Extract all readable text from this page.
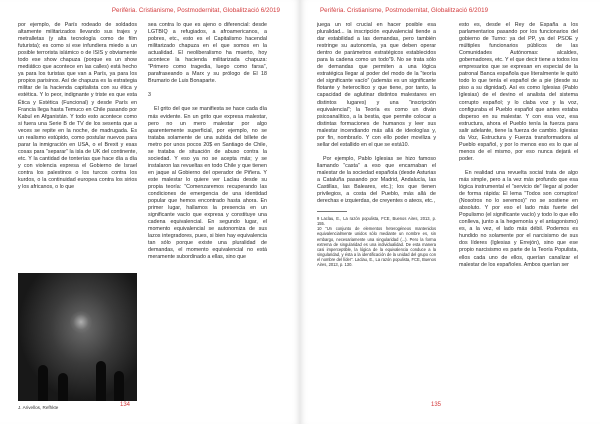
Perifèria. Cristianisme, Postmodernitat, Globalització 6/2019

por ejemplo, de París rodeado de soldados altamente militarizados llevando sus trajes y metralletas (y alta tecnología como de film futurista); es como si ese infundiera miedo a un posible terrorista islámico o de ISIS y obviamente todo ese show chapuza (porque es un show mediático que acontece en las calles) está hecho ya para los turistas que van a París, ya para los propios parisinos. Así de chapuza es la estrategia militar de la hacienda capitalista con su ética y estética. Y lo peor, indignante y triste es que esta Ética y Estética (Funcional) y desde París en Francia llega hasta Temuco en Chile pasando por Kabul en Afganistán. Y todo esto acontece como si fuera una Serie B de TV de los sesenta que a veces se repite en la noche, de madrugada. Es un realismo estúpido, como postular nuevos para parar la inmigración en USA, o el Brexit y esas cosas para “separar” la isla de UK del continente, etc. Y la cantidad de tonterías que hace día a día y con violencia expresa el Gobierno de Israel contra los palestinos o los turcos contra los kurdos, o la continuidad europea contra los sirios y los africanos, o lo que

J. Arivellos, Refhkte

sea contra lo que es ajeno o diferencial: desde LGTBIQ a refugiados, a afroamericanos, a pobres, etc., esto es el Capitalismo hacendal militarizado chapuza en el que somos en la actualidad. El neoliberalismo ha muerto, hoy acontece la hacienda militarizada chapuza: “Primero como tragedia, luego como farsa”, parafraseando a Marx y su prólogo de El 18 Brumario de Luis Bonaparte.

3

El grito del que se manifiesta se hace cada día más evidente. En un grito que expresa malestar, pero no un mero malestar por algo aparentemente superficial, por ejemplo, no se trataba solamente de una subida del billete de metro por unos pocos 20$ en Santiago de Chile, se trataba de situación de abuso contra la sociedad. Y eso ya no se acepta más; y se instalaron las revueltas en todo Chile y que tienen en jaque al Gobierno del operador de Piñera. Y este malestar lo quiere ver Laclau desde su propia teoría: “Comenzaremos recuperando las condiciones de emergencia de una identidad popular que hemos encontrado hasta ahora. En primer lugar, hallamos la presencia en un significante vacío que expresa y constituye una cadena equivalencial. En segundo lugar, el momento equivalencial se autonomiza de sus lazos integradores, pues, si bien hay equivalencia tan sólo porque existe una pluralidad de demandas, el momento equivalencial no está meramente subordinado a ellas, sino que

134
Perifèria. Cristianisme, Postmodernitat, Globalització 6/2019

juega un rol crucial en hacer posible esa pluralidad... la inscripción equivalencial tiende a dar estabilidad a las demandas, pero también restringe su autonomía, ya que deben operar dentro de parámetros estratégicos establecidos para la cadena como un todo”9. No se trata sólo de demandas que permiten a una lógica estratégica llegar al poder del modo de la “teoría del significante vacío” (además es un significante flotante y heterocítico y que tiene, por tanto, la capacidad de aglutinar distintos malestares en distintos lugares) y una “inscripción equivalencial”; la Teoría es como un diván psicoanalítico, a la bestia, que permite colocar a distintas formaciones de humanos y leer sus malestar incendiando más allá de ideologías y, por fin, nombrarlo. Y con ello poder moviliza y sellar del estallido en el que se está10.

Por ejemplo, Pablo Iglesias se hizo famoso llamando “casta” a eso que encarnaban el malestar de la sociedad española (desde Asturias a Cataluña pasando por Madrid, Andalucía, las Castillas, las Baleares, etc.); los que tienen privilegios, a costa del Pueblo, más allá de derechas e izquierdas, de creyentes o ateos, etc.,

9 Laclau, E., La razón populista, FCE, Buenos Aires, 2013, p. 155.

10 “Un conjunto de elementos heterogéneos mantenidos equivalencialmente unidos sólo mediante un nombre es, sin embargo, necesariamente una singularidad (...). Pero la forma extrema de singularidad es una individualidad. De esta manera casi imperceptible, la lógica de la equivalencia conduce a la singularidad, y ésta a la identificación de la unidad del grupo con el nombre del líder”. Laclau, E., La razón populista, FCE, Buenos Aires, 2013, p. 130.

esto es, desde el Rey de España a los parlamentarios pasando por los funcionarios del gobierno de Turno: ya del PP, ya del PSOE y múltiples funcionarios públicos de las Comunidades Autónomas: alcaldes, gobernadores, etc. Y el que decir tiene a todos los empresarios que se expresan en especial de la patronal Banca española que literalmente le quitó todo lo que tenía el español de a pie (desde su piso a su dignidad). Así es como Iglesias (Pablo Iglesias) de el devino el analista del sistema corrupto español; y lo claba voz y la voz, configuraba el Pueblo español que antes estaba disperso en su malestar. Y con esa voz, esa estructura, ahora el Pueblo tenía la fuerza para salir adelante, tiene la fuerza de cambio. Iglesias da Voz, Estructura y Fuerza transformadora al Pueblo español, y por lo menos eso es lo que al menos de el mismo, por eso nunca dejará el poder.

En realidad una revuelta social trata de algo más simple, pero a la vez más profundo que esa lógica instrumental el “servicio de” llegar al poder de forma rápida: El lema “Todos son corruptos! (Nosotros no lo seremos)” no se sostiene en absoluto. Y por eso el lado más fuerte del Populismo (el significante vacío) y todo lo que ello conlleva, junto a la hegemonía y el antagonismo) es, a la vez, el lado más débil. Podemos es hundido no solamente por el narcisismo de sus dos líderes (Iglesias y Errejón), sino que ese propio narcisismo es parte de la Teoría Populista, ellos cada uno de ellos, querían canalizar el malestar de los españoles. Ambos querían ser

135
